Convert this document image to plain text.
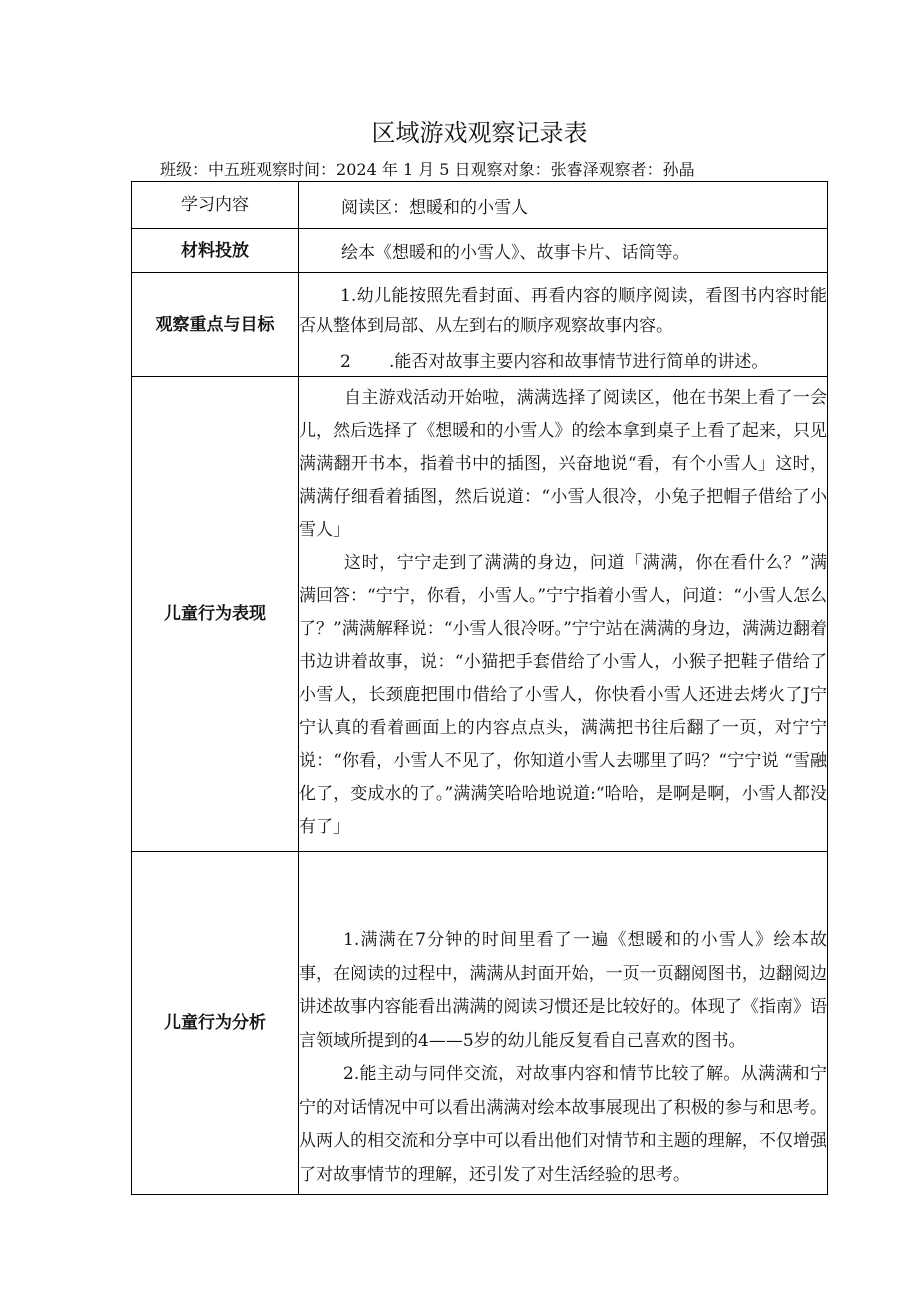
区域游戏观察记录表
班级：中五班观察时间：2024 年 1 月 5 日观察对象：张睿泽观察者：孙晶
学习内容	阅读区：想暖和的小雪人
材料投放	绘本《想暖和的小雪人》、故事卡片、话筒等。
观察重点与目标

1.幼儿能按照先看封面、再看内容的顺序阅读，看图书内容时能否从整体到局部、从左到右的顺序观察故事内容。

2 .能否对故事主要内容和故事情节进行简单的讲述。

儿童行为表现

自主游戏活动开始啦，满满选择了阅读区，他在书架上看了一会儿，然后选择了《想暖和的小雪人》的绘本拿到桌子上看了起来，只见满满翻开书本，指着书中的插图，兴奋地说“看，有个小雪人」这时，满满仔细看着插图，然后说道：“小雪人很冷，小兔子把帽子借给了小雪人」

这时，宁宁走到了满满的身边，问道「满满，你在看什么？”满满回答：“宁宁，你看，小雪人。”宁宁指着小雪人，问道：“小雪人怎么了？”满满解释说：“小雪人很冷呀。”宁宁站在满满的身边，满满边翻着书边讲着故事，说：“小猫把手套借给了小雪人，小猴子把鞋子借给了小雪人，长颈鹿把围巾借给了小雪人，你快看小雪人还进去烤火了J宁宁认真的看着画面上的内容点点头，满满把书往后翻了一页，对宁宁说：“你看，小雪人不见了，你知道小雪人去哪里了吗？“宁宁说 “雪融化了，变成水的了。”满满笑哈哈地说道:“哈哈，是啊是啊，小雪人都没有了」

儿童行为分析

1.满满在7分钟的时间里看了一遍《想暖和的小雪人》绘本故事，在阅读的过程中，满满从封面开始，一页一页翻阅图书，边翻阅边讲述故事内容能看出满满的阅读习惯还是比较好的。体现了《指南》语言领域所提到的4——5岁的幼儿能反复看自己喜欢的图书。

2.能主动与同伴交流，对故事内容和情节比较了解。从满满和宁宁的对话情况中可以看出满满对绘本故事展现出了积极的参与和思考。从两人的相交流和分享中可以看出他们对情节和主题的理解，不仅增强了对故事情节的理解，还引发了对生活经验的思考。
